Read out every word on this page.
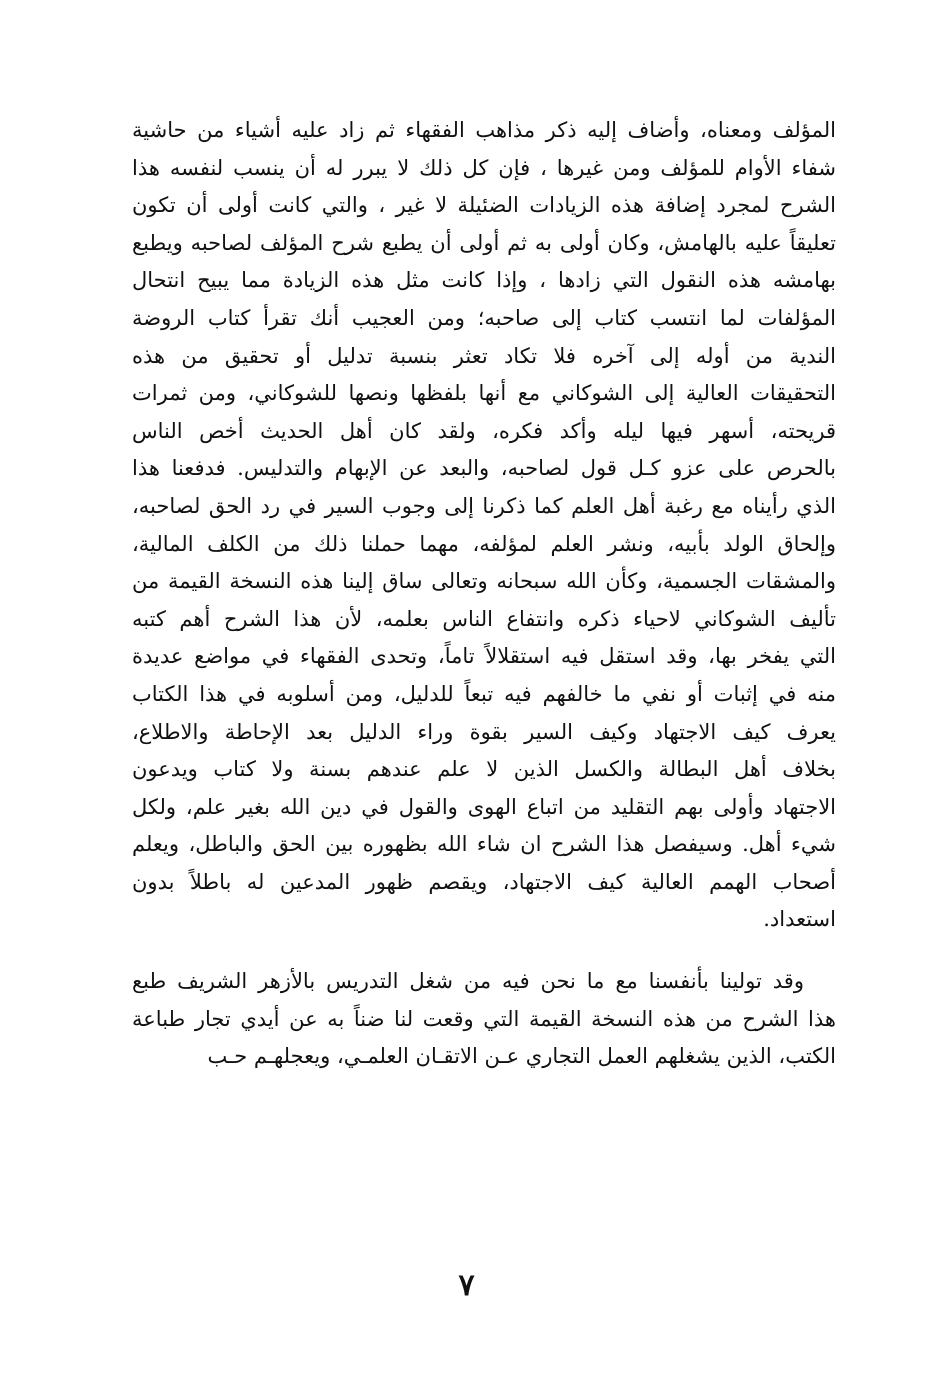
المؤلف ومعناه، وأضاف إليه ذكر مذاهب الفقهاء ثم زاد عليه أشياء من حاشية
شفاء الأوام للمؤلف ومن غيرها ، فإن كل ذلك لا يبرر له أن ينسب لنفسه هذا
الشرح لمجرد إضافة هذه الزيادات الضئيلة لا غير ، والتي كانت أولى أن تكون
تعليقاً عليه بالهامش، وكان أولى به ثم أولى أن يطبع شرح المؤلف لصاحبه ويطبع
بهامشه هذه النقول التي زادها ، وإذا كانت مثل هذه الزيادة مما يبيح انتحال
المؤلفات لما انتسب كتاب إلى صاحبه؛ ومن العجيب أنك تقرأ كتاب الروضة
الندية من أوله إلى آخره فلا تكاد تعثر بنسبة تدليل أو تحقيق من هذه
التحقيقات العالية إلى الشوكاني مع أنها بلفظها ونصها للشوكاني، ومن ثمرات
قريحته، أسهر فيها ليله وأكد فكره، ولقد كان أهل الحديث أخص الناس
بالحرص على عزو كـل قول لصاحبه، والبعد عن الإبهام والتدليس. فدفعنا هذا
الذي رأيناه مع رغبة أهل العلم كما ذكرنا إلى وجوب السير في رد الحق لصاحبه،
وإلحاق الولد بأبيه، ونشر العلم لمؤلفه، مهما حملنا ذلك من الكلف المالية،
والمشقات الجسمية، وكأن الله سبحانه وتعالى ساق إلينا هذه النسخة القيمة من
تأليف الشوكاني لاحياء ذكره وانتفاع الناس بعلمه، لأن هذا الشرح أهم كتبه
التي يفخر بها، وقد استقل فيه استقلالاً تاماً، وتحدى الفقهاء في مواضع عديدة
منه في إثبات أو نفي ما خالفهم فيه تبعاً للدليل، ومن أسلوبه في هذا الكتاب
يعرف كيف الاجتهاد وكيف السير بقوة وراء الدليل بعد الإحاطة والاطلاع،
بخلاف أهل البطالة والكسل الذين لا علم عندهم بسنة ولا كتاب ويدعون
الاجتهاد وأولى بهم التقليد من اتباع الهوى والقول في دين الله بغير علم، ولكل
شيء أهل. وسيفصل هذا الشرح ان شاء الله بظهوره بين الحق والباطل، ويعلم
أصحاب الهمم العالية كيف الاجتهاد، ويقصم ظهور المدعين له باطلاً بدون
استعداد.
وقد تولينا بأنفسنا مع ما نحن فيه من شغل التدريس بالأزهر الشريف طبع
هذا الشرح من هذه النسخة القيمة التي وقعت لنا ضناً به عن أيدي تجار طباعة
الكتب، الذين يشغلهم العمل التجاري عـن الاتقـان العلمـي، ويعجلهـم حـب
٧
